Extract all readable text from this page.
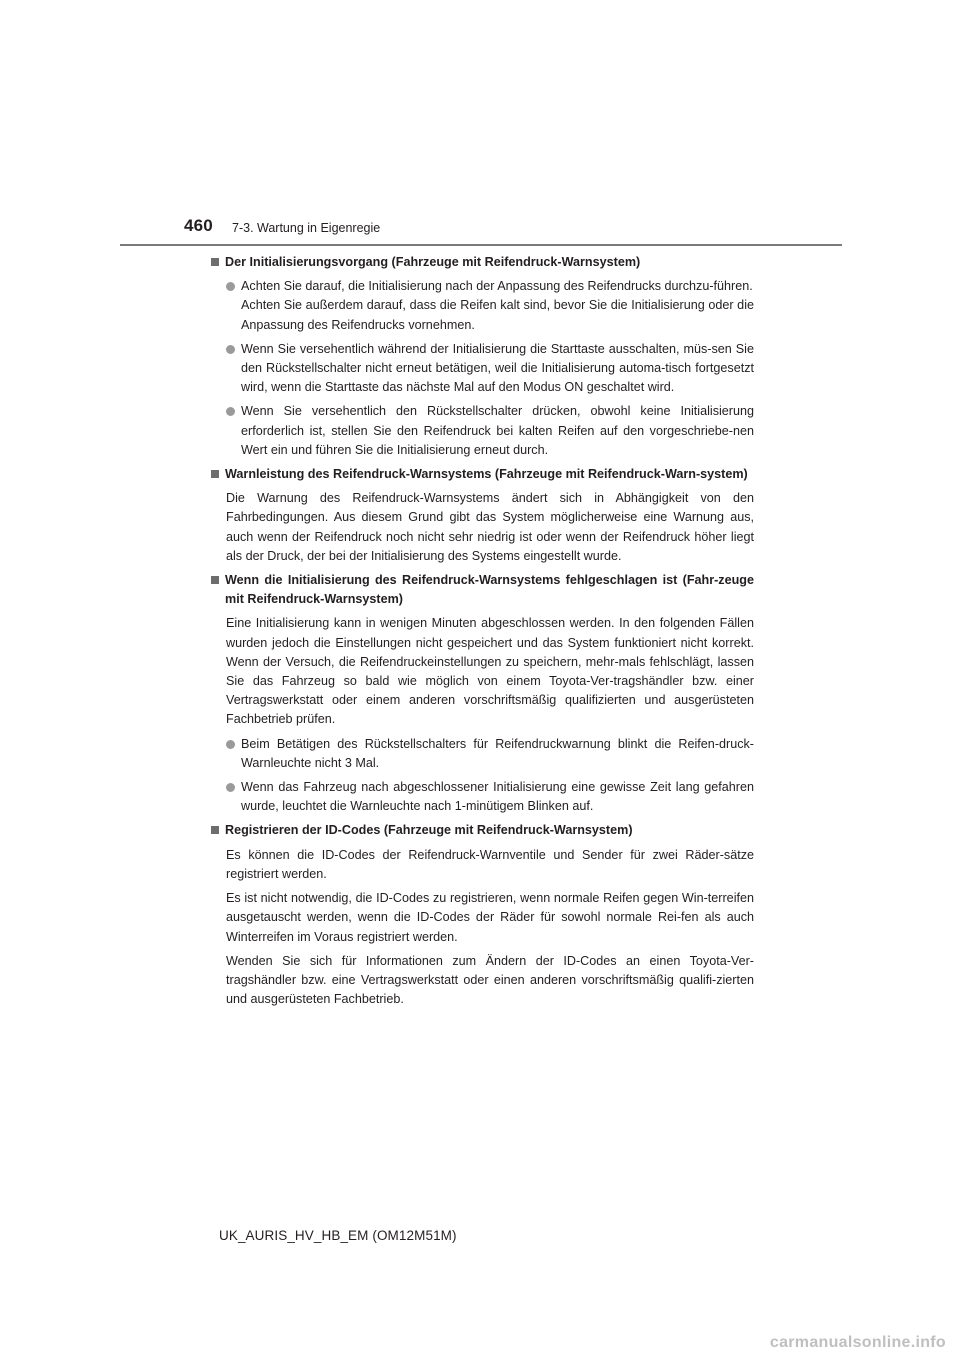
460 7-3. Wartung in Eigenregie
Der Initialisierungsvorgang (Fahrzeuge mit Reifendruck-Warnsystem)
Achten Sie darauf, die Initialisierung nach der Anpassung des Reifendrucks durchzu-führen.
Achten Sie außerdem darauf, dass die Reifen kalt sind, bevor Sie die Initialisierung oder die Anpassung des Reifendrucks vornehmen.
Wenn Sie versehentlich während der Initialisierung die Starttaste ausschalten, müs-sen Sie den Rückstellschalter nicht erneut betätigen, weil die Initialisierung automa-tisch fortgesetzt wird, wenn die Starttaste das nächste Mal auf den Modus ON geschaltet wird.
Wenn Sie versehentlich den Rückstellschalter drücken, obwohl keine Initialisierung erforderlich ist, stellen Sie den Reifendruck bei kalten Reifen auf den vorgeschriebe-nen Wert ein und führen Sie die Initialisierung erneut durch.
Warnleistung des Reifendruck-Warnsystems (Fahrzeuge mit Reifendruck-Warn-system)
Die Warnung des Reifendruck-Warnsystems ändert sich in Abhängigkeit von den Fahrbedingungen. Aus diesem Grund gibt das System möglicherweise eine Warnung aus, auch wenn der Reifendruck noch nicht sehr niedrig ist oder wenn der Reifendruck höher liegt als der Druck, der bei der Initialisierung des Systems eingestellt wurde.
Wenn die Initialisierung des Reifendruck-Warnsystems fehlgeschlagen ist (Fahr-zeuge mit Reifendruck-Warnsystem)
Eine Initialisierung kann in wenigen Minuten abgeschlossen werden. In den folgenden Fällen wurden jedoch die Einstellungen nicht gespeichert und das System funktioniert nicht korrekt. Wenn der Versuch, die Reifendruckeinstellungen zu speichern, mehr-mals fehlschlägt, lassen Sie das Fahrzeug so bald wie möglich von einem Toyota-Ver-tragshändler bzw. einer Vertragswerkstatt oder einem anderen vorschriftsmäßig qualifizierten und ausgerüsteten Fachbetrieb prüfen.
Beim Betätigen des Rückstellschalters für Reifendruckwarnung blinkt die Reifen-druck-Warnleuchte nicht 3 Mal.
Wenn das Fahrzeug nach abgeschlossener Initialisierung eine gewisse Zeit lang gefahren wurde, leuchtet die Warnleuchte nach 1-minütigem Blinken auf.
Registrieren der ID-Codes (Fahrzeuge mit Reifendruck-Warnsystem)
Es können die ID-Codes der Reifendruck-Warnventile und Sender für zwei Räder-sätze registriert werden.
Es ist nicht notwendig, die ID-Codes zu registrieren, wenn normale Reifen gegen Win-terreifen ausgetauscht werden, wenn die ID-Codes der Räder für sowohl normale Rei-fen als auch Winterreifen im Voraus registriert werden.
Wenden Sie sich für Informationen zum Ändern der ID-Codes an einen Toyota-Ver-tragshändler bzw. eine Vertragswerkstatt oder einen anderen vorschriftsmäßig qualifi-zierten und ausgerüsteten Fachbetrieb.
UK_AURIS_HV_HB_EM (OM12M51M)
carmanualsonline.info
